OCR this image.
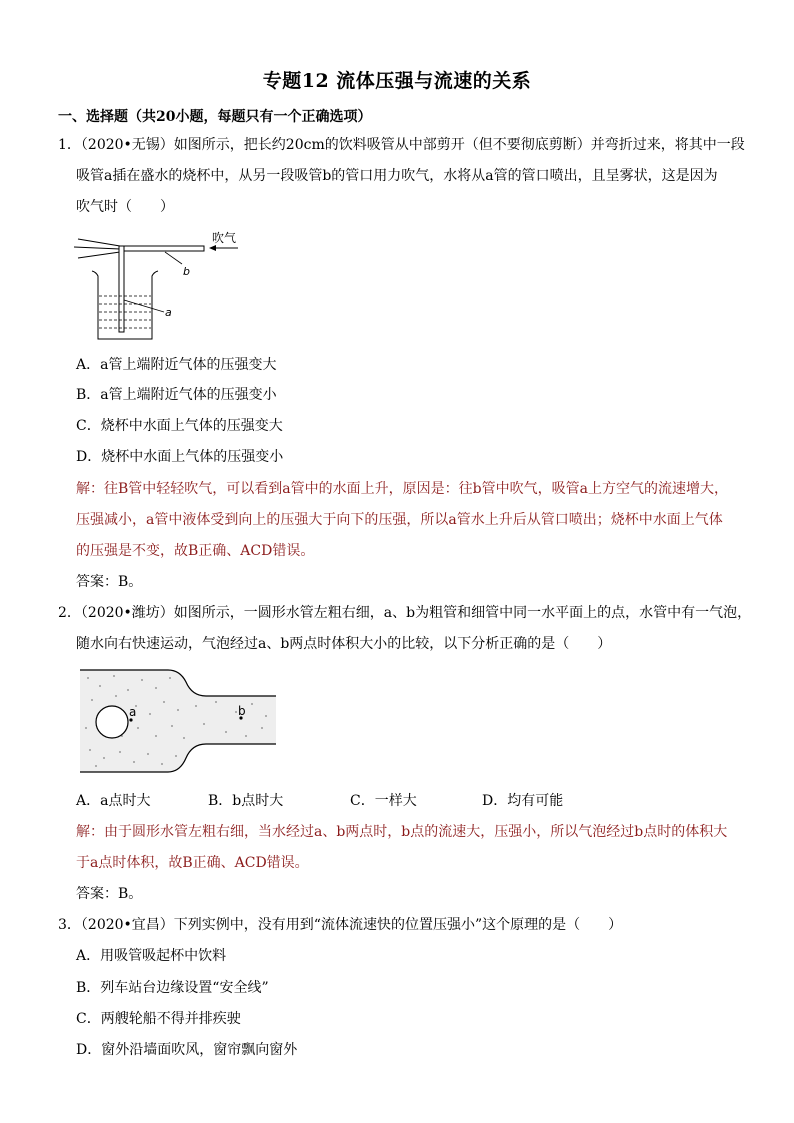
专题12 流体压强与流速的关系
一、选择题（共20小题，每题只有一个正确选项）
1．（2020•无锡）如图所示，把长约20cm的饮料吸管从中部剪开（但不要彻底剪断）并弯折过来，将其中一段
吸管a插在盛水的烧杯中，从另一段吸管b的管口用力吹气，水将从a管的管口喷出，且呈雾状，这是因为
吹气时（　　）
吹气
b
a
A．a管上端附近气体的压强变大
B．a管上端附近气体的压强变小
C．烧杯中水面上气体的压强变大
D．烧杯中水面上气体的压强变小
解：往B管中轻轻吹气，可以看到a管中的水面上升，原因是：往b管中吹气，吸管a上方空气的流速增大，
压强减小，a管中液体受到向上的压强大于向下的压强，所以a管水上升后从管口喷出；烧杯中水面上气体
的压强是不变，故B正确、ACD错误。
答案：B。
2．（2020•潍坊）如图所示，一圆形水管左粗右细，a、b为粗管和细管中同一水平面上的点，水管中有一气泡，
随水向右快速运动，气泡经过a、b两点时体积大小的比较，以下分析正确的是（　　）
a	b
A．a点时大	B．b点时大	C．一样大	D．均有可能
解：由于圆形水管左粗右细，当水经过a、b两点时，b点的流速大，压强小，所以气泡经过b点时的体积大
于a点时体积，故B正确、ACD错误。
答案：B。
3．（2020•宜昌）下列实例中，没有用到“流体流速快的位置压强小”这个原理的是（　　）
A．用吸管吸起杯中饮料
B．列车站台边缘设置“安全线”
C．两艘轮船不得并排疾驶
D．窗外沿墙面吹风，窗帘飘向窗外
